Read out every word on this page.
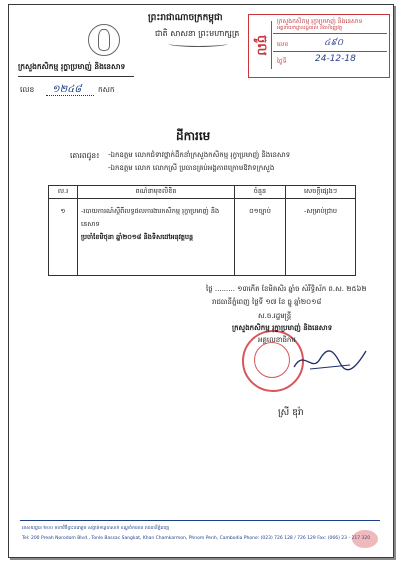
ព្រះរាជាណាចក្រកម្ពុជា
ជាតិ សាសនា ព្រះមហាក្សត្រ
ក្រសួងកសិកម្ម រុក្ខាប្រមាញ់ និងនេសាទ
លេខ ១២៤៨ កសក
ចូល
ក្រសួងកសិកម្ម រុក្ខាប្រមាញ់ និងនេសាទ
អគ្គនាយកដ្ឋានរដ្ឋបាល និងហិរញ្ញវត្ថុ
លេខ	៤៩០
ថ្ងៃទី	24-12-18
ដីការមេ
គោរពជូន៖ -ឯកឧត្តម លោកជំទាវថ្នាក់ដឹកនាំក្រសួងកសិកម្ម រុក្ខាប្រមាញ់ និងនេសាទ
-ឯកឧត្តម លោក លោកស្រី ប្រធានគ្រប់អង្គភាពក្រោមឱវាទក្រសួង
ល.រ	ពណ៌នាមុខលិខិត	ចំនួន	សេចក្តីផ្សេងៗ
១	-របាយការណ៍ស្តីពីលទ្ធផលការងារកសិកម្ម រុក្ខាប្រមាញ់ និងនេសាទ
ប្រចាំខែមិថុនា ឆ្នាំ២០១៨ និងទិសដៅអនុវត្តបន្ត	០១ច្បាប់	-សម្រាប់ជ្រាប
ថ្ងៃ ......... ១៣កើត ខែមិគសិរ ឆ្នាំច សំរឹទ្ធិស័ក ព.ស. ២៥៦២
រាជធានីភ្នំពេញ ថ្ងៃទី ១៧ ខែ ធ្នូ ឆ្នាំ២០១៨
ស.ច.រដ្ឋមន្ត្រី
ក្រសួងកសិកម្ម រុក្ខាប្រមាញ់ និងនេសាទ
អគ្គលេខាធិការ
ស្រី ឌុរ៉ា
អាសយដ្ឋាន ២០០ មហាវិថីព្រះនរោត្តម សង្កាត់ទន្លេបាសាក់ ខណ្ឌចំការមន រាជធានីភ្នំពេញ
Tel: 200 Preah Norodom Blvd., Tonle Bassac Sangkat, Khan Chamkarmon, Phnom Penh, Cambodia Phone: (023) 726 128 / 726 129 Fax: (066) 23 - 217 320
